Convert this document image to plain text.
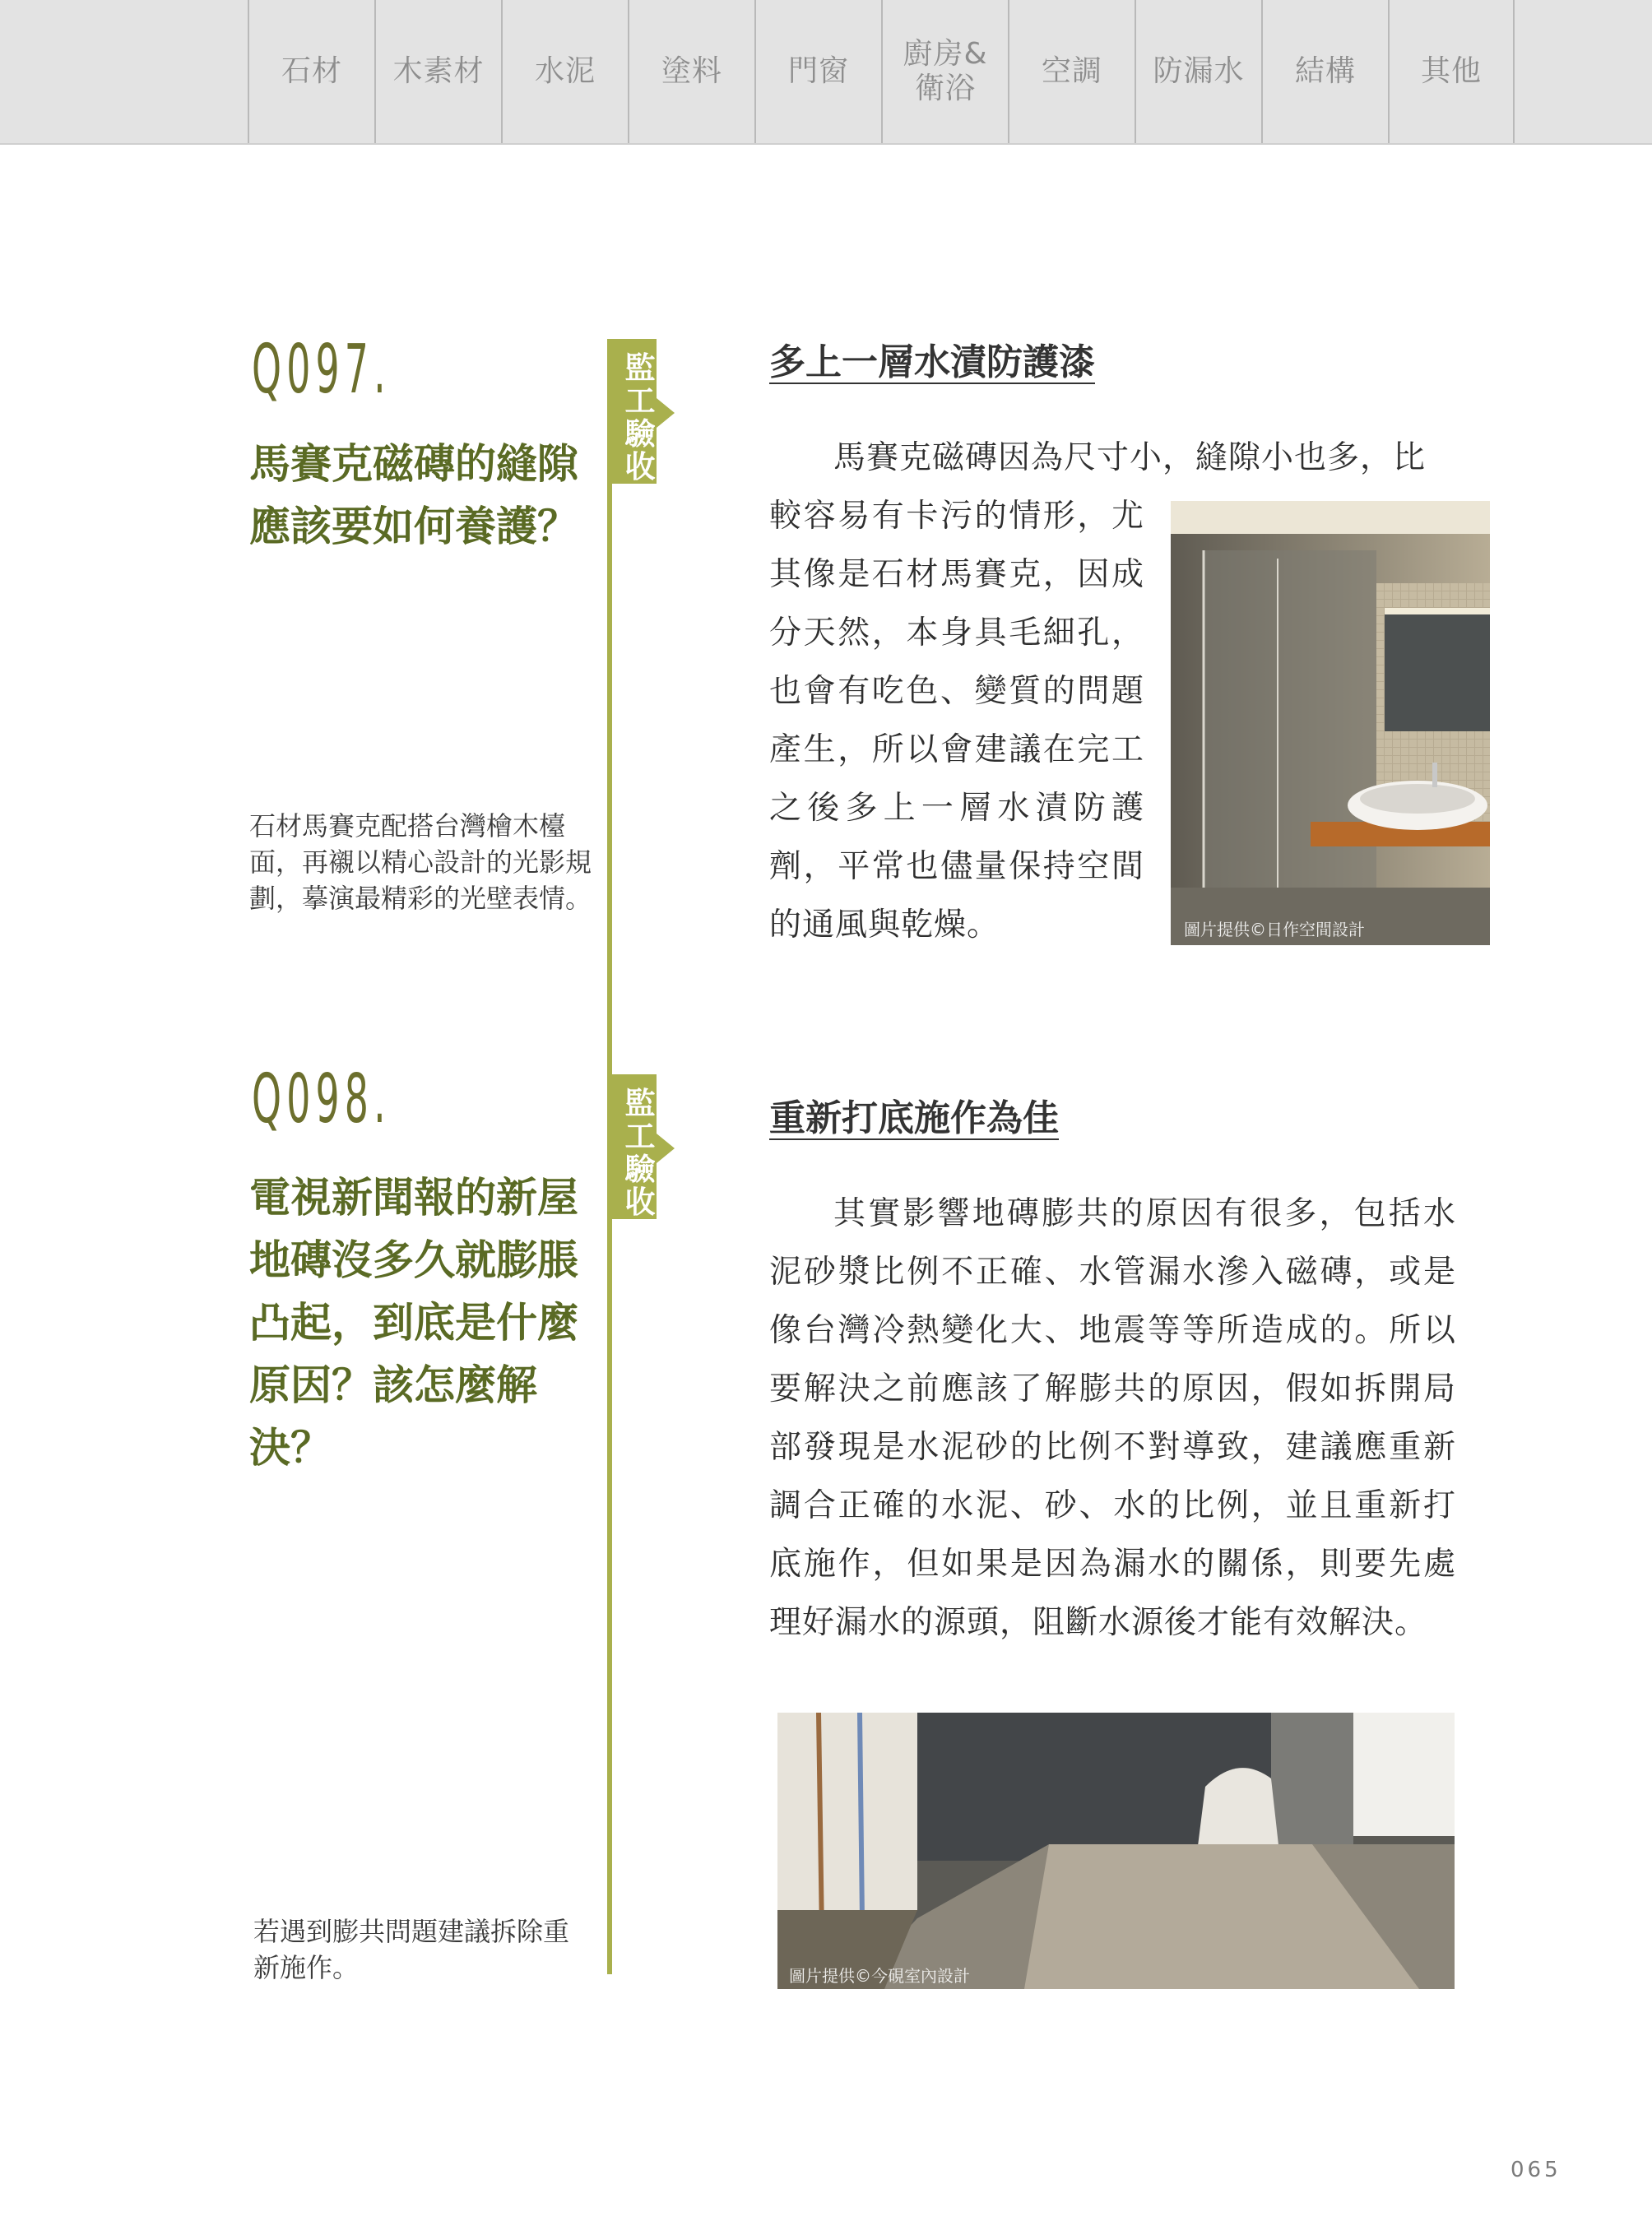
石材 木素材 水泥 塗料 門窗
廚房&
衛浴
空調 防漏水 結構 其他
Q097.
馬賽克磁磚的縫隙應該要如何養護？
石材馬賽克配搭台灣檜木檯面，再襯以精心設計的光影規劃，摹演最精彩的光壁表情。
監工驗收
多上一層水漬防護漆
馬賽克磁磚因為尺寸小，縫隙小也多，比
較容易有卡污的情形，尤其像是石材馬賽克，因成分天然，本身具毛細孔，也會有吃色、變質的問題產生，所以會建議在完工之後多上一層水漬防護劑，平常也儘量保持空間的通風與乾燥。	圖片提供©日作空間設計
Q098.
電視新聞報的新屋地磚沒多久就膨脹凸起，到底是什麼原因？該怎麼解決？
若遇到膨共問題建議拆除重新施作。
監工驗收
重新打底施作為佳
其實影響地磚膨共的原因有很多，包括水泥砂漿比例不正確、水管漏水滲入磁磚，或是像台灣冷熱變化大、地震等等所造成的。所以要解決之前應該了解膨共的原因，假如拆開局部發現是水泥砂的比例不對導致，建議應重新調合正確的水泥、砂、水的比例，並且重新打底施作，但如果是因為漏水的關係，則要先處理好漏水的源頭，阻斷水源後才能有效解決。
圖片提供©今硯室內設計
065
